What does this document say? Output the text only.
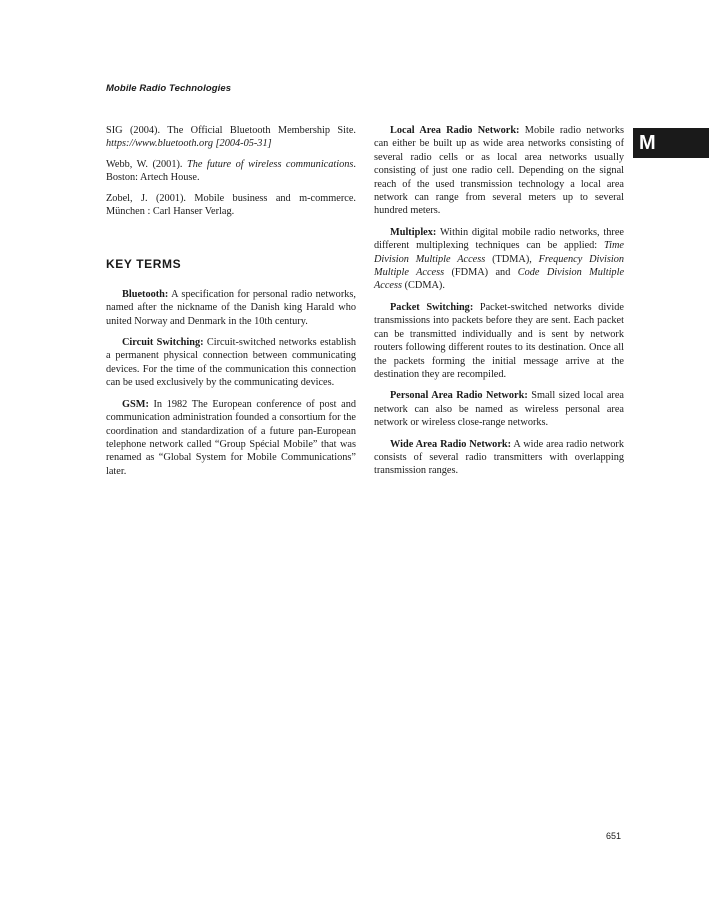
Mobile Radio Technologies
M

SIG (2004). The Official Bluetooth Membership Site. https://www.bluetooth.org [2004-05-31]

Webb, W. (2001). The future of wireless communications. Boston: Artech House.

Zobel, J. (2001). Mobile business and m-commerce. München : Carl Hanser Verlag.

KEY TERMS

Bluetooth: A specification for personal radio networks, named after the nickname of the Danish king Harald who united Norway and Denmark in the 10th century.

Circuit Switching: Circuit-switched networks establish a permanent physical connection between communicating devices. For the time of the communication this connection can be used exclusively by the communicating devices.

GSM: In 1982 The European conference of post and communication administration founded a consortium for the coordination and standardization of a future pan-European telephone network called “Group Spécial Mobile” that was renamed as “Global System for Mobile Communications” later.

Local Area Radio Network: Mobile radio networks can either be built up as wide area networks consisting of several radio cells or as local area networks usually consisting of just one radio cell. Depending on the signal reach of the used transmission technology a local area network can range from several meters up to several hundred meters.

Multiplex: Within digital mobile radio networks, three different multiplexing techniques can be applied: Time Division Multiple Access (TDMA), Frequency Division Multiple Access (FDMA) and Code Division Multiple Access (CDMA).

Packet Switching: Packet-switched networks divide transmissions into packets before they are sent. Each packet can be transmitted individually and is sent by network routers following different routes to its destination. Once all the packets forming the initial message arrive at the destination they are recompiled.

Personal Area Radio Network: Small sized local area network can also be named as wireless personal area network or wireless close-range networks.

Wide Area Radio Network: A wide area radio network consists of several radio transmitters with overlapping transmission ranges.

651
